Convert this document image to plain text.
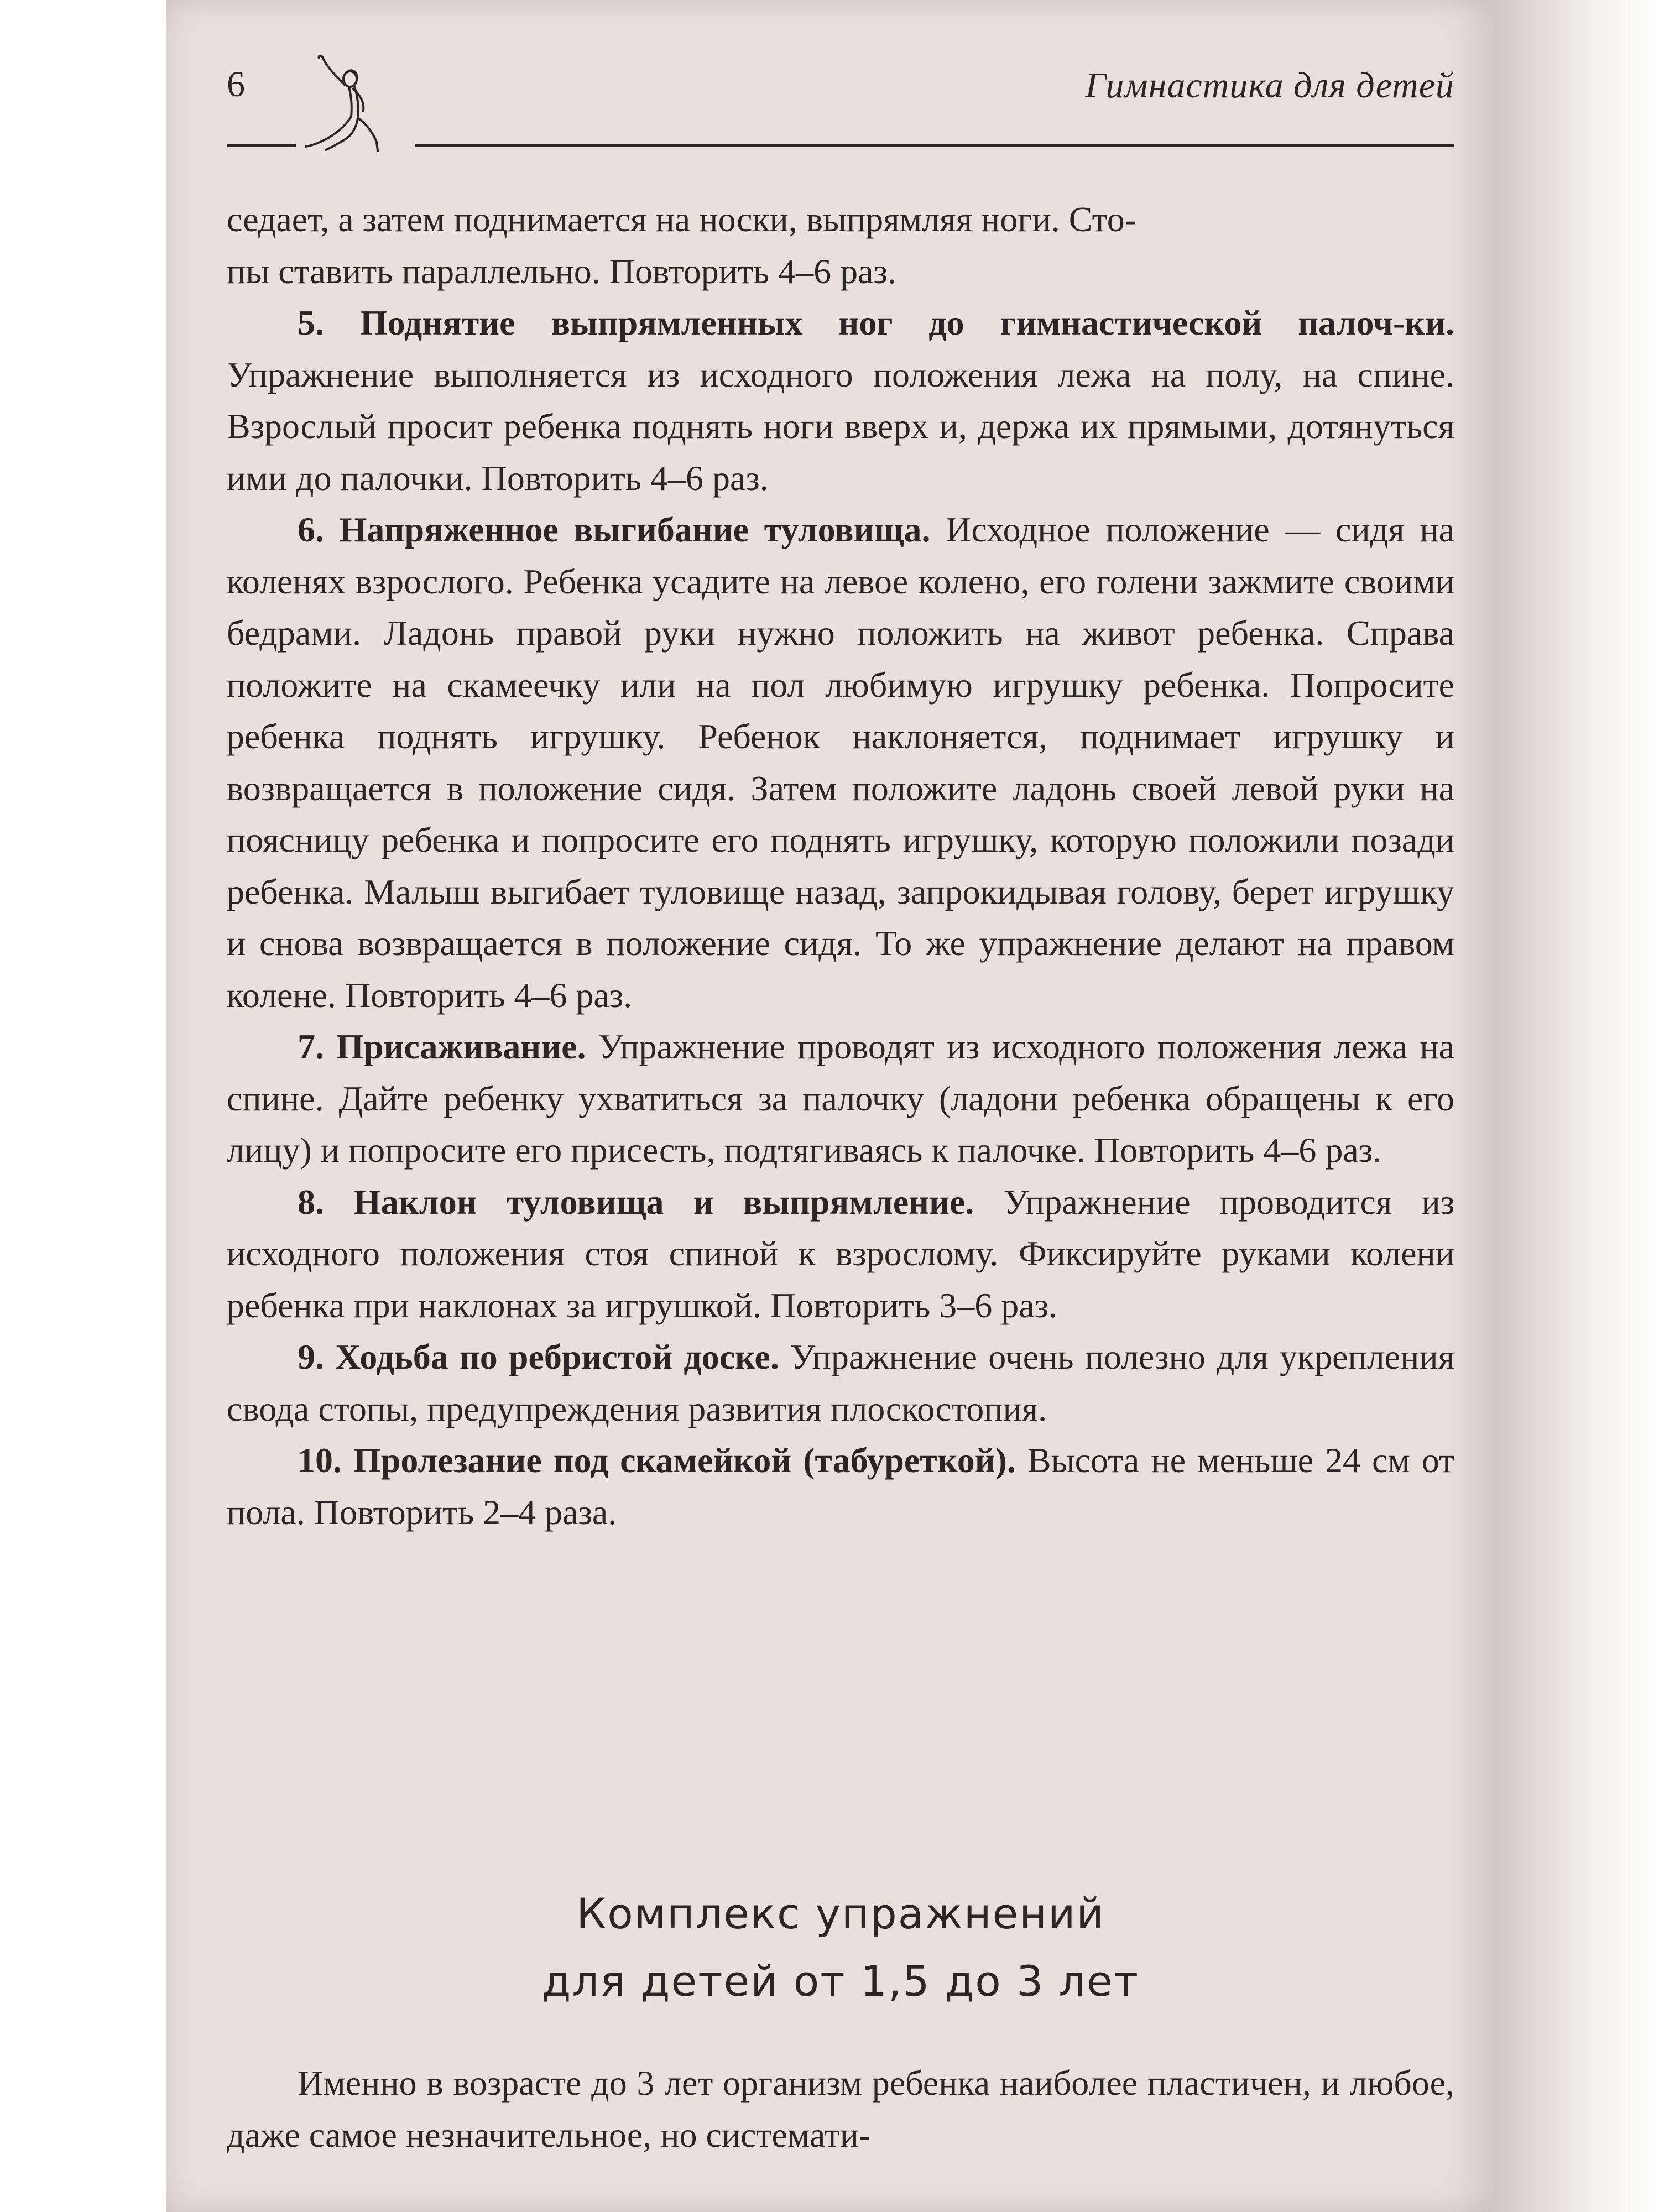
6	Гимнастика для детей

седает, а затем поднимается на носки, выпрямляя ноги. Сто-
пы ставить параллельно. Повторить 4–6 раз.

5. Поднятие выпрямленных ног до гимнастической палоч-ки. Упражнение выполняется из исходного положения лежа на полу, на спине. Взрослый просит ребенка поднять ноги вверх и, держа их прямыми, дотянуться ими до палочки. Повторить 4–6 раз.

6. Напряженное выгибание туловища. Исходное положение — сидя на коленях взрослого. Ребенка усадите на левое колено, его голени зажмите своими бедрами. Ладонь правой руки нужно положить на живот ребенка. Справа положите на скамеечку или на пол любимую игрушку ребенка. Попросите ребенка поднять игрушку. Ребенок наклоняется, поднимает игрушку и возвращается в положение сидя. Затем положите ладонь своей левой руки на поясницу ребенка и попросите его поднять игрушку, которую положили позади ребенка. Малыш выгибает туловище назад, запрокидывая голову, берет игрушку и снова возвращается в положение сидя. То же упражнение делают на правом колене. Повторить 4–6 раз.

7. Присаживание. Упражнение проводят из исходного положения лежа на спине. Дайте ребенку ухватиться за палочку (ладони ребенка обращены к его лицу) и попросите его присесть, подтягиваясь к палочке. Повторить 4–6 раз.

8. Наклон туловища и выпрямление. Упражнение проводится из исходного положения стоя спиной к взрослому. Фиксируйте руками колени ребенка при наклонах за игрушкой. Повторить 3–6 раз.

9. Ходьба по ребристой доске. Упражнение очень полезно для укрепления свода стопы, предупреждения развития плоскостопия.

10. Пролезание под скамейкой (табуреткой). Высота не меньше 24 см от пола. Повторить 2–4 раза.

Комплекс упражнений
для детей от 1,5 до 3 лет

Именно в возрасте до 3 лет организм ребенка наиболее пластичен, и любое, даже самое незначительное, но системати-
